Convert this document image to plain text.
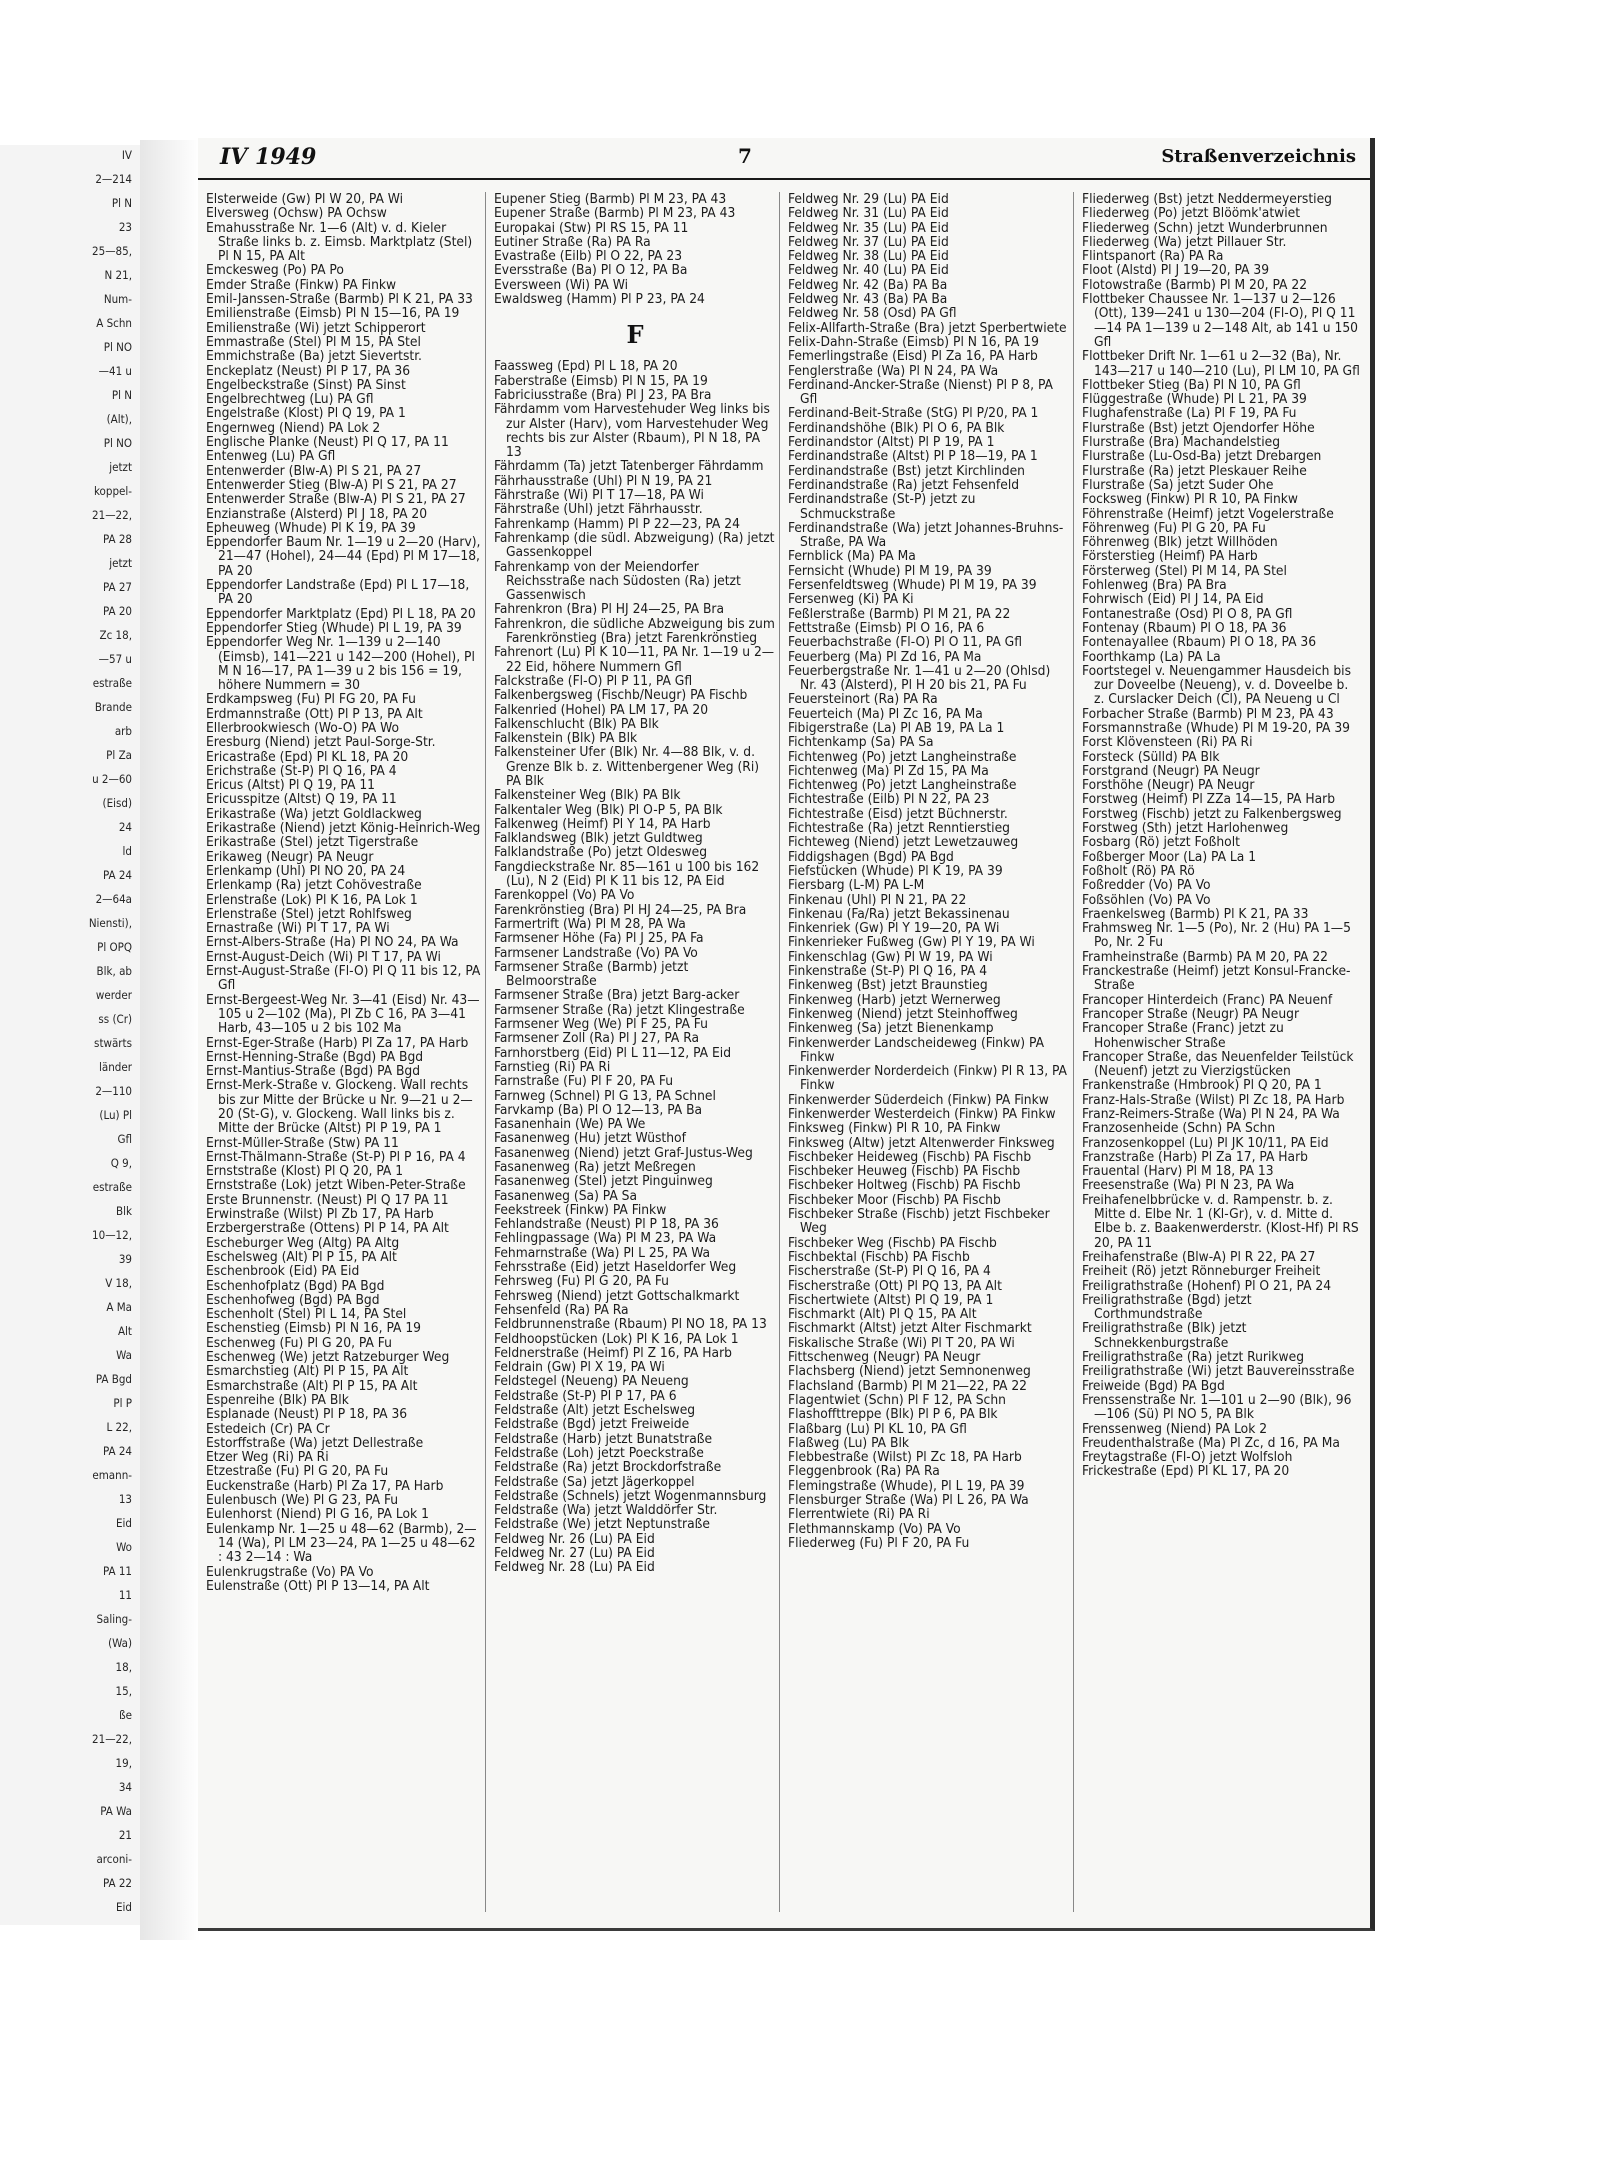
IV
2—214
Pl N
23
25—85,
N 21,
Num-
A Schn
Pl NO
—41 u
Pl N
(Alt),
Pl NO
jetzt
koppel-
21—22,
PA 28
jetzt
PA 27
PA 20
Zc 18,
—57 u
estraße
Brande
arb
Pl Za
u 2—60
(Eisd)
24
ld
PA 24
2—64a
Niensti),
Pl OPQ
Blk, ab
werder
ss (Cr)
stwärts
länder
2—110
(Lu) Pl
Gfl
Q 9,
estraße
Blk
10—12,
39
V 18,
A Ma
Alt
Wa
PA Bgd
Pl P
L 22,
PA 24
emann-
13
Eid
Wo
PA 11
11
Saling-
(Wa)
18,
15,
ße
21—22,
19,
34
PA Wa
21
arconi-
PA 22
Eid
IV 1949	7	Straßenverzeichnis

Elsterweide (Gw) Pl W 20, PA Wi

Elversweg (Ochsw) PA Ochsw

Emahusstraße Nr. 1—6 (Alt) v. d. Kieler Straße links b. z. Eimsb. Marktplatz (Stel) Pl N 15, PA Alt

Emckesweg (Po) PA Po

Emder Straße (Finkw) PA Finkw

Emil-Janssen-Straße (Barmb) Pl K 21, PA 33

Emilienstraße (Eimsb) Pl N 15—16, PA 19

Emilienstraße (Wi) jetzt Schipperort

Emmastraße (Stel) Pl M 15, PA Stel

Emmichstraße (Ba) jetzt Sievertstr.

Enckeplatz (Neust) Pl P 17, PA 36

Engelbeckstraße (Sinst) PA Sinst

Engelbrechtweg (Lu) PA Gfl

Engelstraße (Klost) Pl Q 19, PA 1

Engernweg (Niend) PA Lok 2

Englische Planke (Neust) Pl Q 17, PA 11

Entenweg (Lu) PA Gfl

Entenwerder (Blw-A) Pl S 21, PA 27

Entenwerder Stieg (Blw-A) Pl S 21, PA 27

Entenwerder Straße (Blw-A) Pl S 21, PA 27

Enzianstraße (Alsterd) Pl J 18, PA 20

Epheuweg (Whude) Pl K 19, PA 39

Eppendorfer Baum Nr. 1—19 u 2—20 (Harv), 21—47 (Hohel), 24—44 (Epd) Pl M 17—18, PA 20

Eppendorfer Landstraße (Epd) Pl L 17—18, PA 20

Eppendorfer Marktplatz (Epd) Pl L 18, PA 20

Eppendorfer Stieg (Whude) Pl L 19, PA 39

Eppendorfer Weg Nr. 1—139 u 2—140 (Eimsb), 141—221 u 142—200 (Hohel), Pl M N 16—17, PA 1—39 u 2 bis 156 = 19, höhere Nummern = 30

Erdkampsweg (Fu) Pl FG 20, PA Fu

Erdmannstraße (Ott) Pl P 13, PA Alt

Ellerbrookwiesch (Wo-O) PA Wo

Eresburg (Niend) jetzt Paul-Sorge-Str.

Ericastraße (Epd) Pl KL 18, PA 20

Erichstraße (St-P) Pl Q 16, PA 4

Ericus (Altst) Pl Q 19, PA 11

Ericusspitze (Altst) Q 19, PA 11

Erikastraße (Wa) jetzt Goldlackweg

Erikastraße (Niend) jetzt König-Heinrich-Weg

Erikastraße (Stel) jetzt Tigerstraße

Erikaweg (Neugr) PA Neugr

Erlenkamp (Uhl) Pl NO 20, PA 24

Erlenkamp (Ra) jetzt Cohövestraße

Erlenstraße (Lok) Pl K 16, PA Lok 1

Erlenstraße (Stel) jetzt Rohlfsweg

Ernastraße (Wi) Pl T 17, PA Wi

Ernst-Albers-Straße (Ha) Pl NO 24, PA Wa

Ernst-August-Deich (Wi) Pl T 17, PA Wi

Ernst-August-Straße (Fl-O) Pl Q 11 bis 12, PA Gfl

Ernst-Bergeest-Weg Nr. 3—41 (Eisd) Nr. 43—105 u 2—102 (Ma), Pl Zb C 16, PA 3—41 Harb, 43—105 u 2 bis 102 Ma

Ernst-Eger-Straße (Harb) Pl Za 17, PA Harb

Ernst-Henning-Straße (Bgd) PA Bgd

Ernst-Mantius-Straße (Bgd) PA Bgd

Ernst-Merk-Straße v. Glockeng. Wall rechts bis zur Mitte der Brücke u Nr. 9—21 u 2—20 (St-G), v. Glockeng. Wall links bis z. Mitte der Brücke (Altst) Pl P 19, PA 1

Ernst-Müller-Straße (Stw) PA 11

Ernst-Thälmann-Straße (St-P) Pl P 16, PA 4

Ernststraße (Klost) Pl Q 20, PA 1

Ernststraße (Lok) jetzt Wiben-Peter-Straße

Erste Brunnenstr. (Neust) Pl Q 17 PA 11

Erwinstraße (Wilst) Pl Zb 17, PA Harb

Erzbergerstraße (Ottens) Pl P 14, PA Alt

Escheburger Weg (Altg) PA Altg

Eschelsweg (Alt) Pl P 15, PA Alt

Eschenbrook (Eid) PA Eid

Eschenhofplatz (Bgd) PA Bgd

Eschenhofweg (Bgd) PA Bgd

Eschenholt (Stel) Pl L 14, PA Stel

Eschenstieg (Eimsb) Pl N 16, PA 19

Eschenweg (Fu) Pl G 20, PA Fu

Eschenweg (We) jetzt Ratzeburger Weg

Esmarchstieg (Alt) Pl P 15, PA Alt

Esmarchstraße (Alt) Pl P 15, PA Alt

Espenreihe (Blk) PA Blk

Esplanade (Neust) Pl P 18, PA 36

Estedeich (Cr) PA Cr

Estorffstraße (Wa) jetzt Dellestraße

Etzer Weg (Ri) PA Ri

Etzestraße (Fu) Pl G 20, PA Fu

Euckenstraße (Harb) Pl Za 17, PA Harb

Eulenbusch (We) Pl G 23, PA Fu

Eulenhorst (Niend) Pl G 16, PA Lok 1

Eulenkamp Nr. 1—25 u 48—62 (Barmb), 2—14 (Wa), Pl LM 23—24, PA 1—25 u 48—62 : 43 2—14 : Wa

Eulenkrugstraße (Vo) PA Vo

Eulenstraße (Ott) Pl P 13—14, PA Alt

Eupener Stieg (Barmb) Pl M 23, PA 43

Eupener Straße (Barmb) Pl M 23, PA 43

Europakai (Stw) Pl RS 15, PA 11

Eutiner Straße (Ra) PA Ra

Evastraße (Eilb) Pl O 22, PA 23

Eversstraße (Ba) Pl O 12, PA Ba

Eversween (Wi) PA Wi

Ewaldsweg (Hamm) Pl P 23, PA 24

F

Faassweg (Epd) Pl L 18, PA 20

Faberstraße (Eimsb) Pl N 15, PA 19

Fabriciusstraße (Bra) Pl J 23, PA Bra

Fährdamm vom Harvestehuder Weg links bis zur Alster (Harv), vom Harvestehuder Weg rechts bis zur Alster (Rbaum), Pl N 18, PA 13

Fährdamm (Ta) jetzt Tatenberger Fährdamm

Fährhausstraße (Uhl) Pl N 19, PA 21

Fährstraße (Wi) Pl T 17—18, PA Wi

Fährstraße (Uhl) jetzt Fährhausstr.

Fahrenkamp (Hamm) Pl P 22—23, PA 24

Fahrenkamp (die südl. Abzweigung) (Ra) jetzt Gassenkoppel

Fahrenkamp von der Meiendorfer Reichsstraße nach Südosten (Ra) jetzt Gassenwisch

Fahrenkron (Bra) Pl HJ 24—25, PA Bra

Fahrenkron, die südliche Abzweigung bis zum Farenkrönstieg (Bra) jetzt Farenkrönstieg

Fahrenort (Lu) Pl K 10—11, PA Nr. 1—19 u 2—22 Eid, höhere Nummern Gfl

Falckstraße (Fl-O) Pl P 11, PA Gfl

Falkenbergsweg (Fischb/Neugr) PA Fischb

Falkenried (Hohel) PA LM 17, PA 20

Falkenschlucht (Blk) PA Blk

Falkenstein (Blk) PA Blk

Falkensteiner Ufer (Blk) Nr. 4—88 Blk, v. d. Grenze Blk b. z. Wittenbergener Weg (Ri) PA Blk

Falkensteiner Weg (Blk) PA Blk

Falkentaler Weg (Blk) Pl O-P 5, PA Blk

Falkenweg (Heimf) Pl Y 14, PA Harb

Falklandsweg (Blk) jetzt Guldtweg

Falklandstraße (Po) jetzt Oldesweg

Fangdieckstraße Nr. 85—161 u 100 bis 162 (Lu), N 2 (Eid) Pl K 11 bis 12, PA Eid

Farenkoppel (Vo) PA Vo

Farenkrönstieg (Bra) Pl HJ 24—25, PA Bra

Farmertrift (Wa) Pl M 28, PA Wa

Farmsener Höhe (Fa) Pl J 25, PA Fa

Farmsener Landstraße (Vo) PA Vo

Farmsener Straße (Barmb) jetzt Belmoorstraße

Farmsener Straße (Bra) jetzt Barg-acker

Farmsener Straße (Ra) jetzt Klingestraße

Farmsener Weg (We) Pl F 25, PA Fu

Farmsener Zoll (Ra) Pl J 27, PA Ra

Farnhorstberg (Eid) Pl L 11—12, PA Eid

Farnstieg (Ri) PA Ri

Farnstraße (Fu) Pl F 20, PA Fu

Farnweg (Schnel) Pl G 13, PA Schnel

Farvkamp (Ba) Pl O 12—13, PA Ba

Fasanenhain (We) PA We

Fasanenweg (Hu) jetzt Wüsthof

Fasanenweg (Niend) jetzt Graf-Justus-Weg

Fasanenweg (Ra) jetzt Meßregen

Fasanenweg (Stel) jetzt Pinguinweg

Fasanenweg (Sa) PA Sa

Feekstreek (Finkw) PA Finkw

Fehlandstraße (Neust) Pl P 18, PA 36

Fehlingpassage (Wa) Pl M 23, PA Wa

Fehmarnstraße (Wa) Pl L 25, PA Wa

Fehrsstraße (Eid) jetzt Haseldorfer Weg

Fehrsweg (Fu) Pl G 20, PA Fu

Fehrsweg (Niend) jetzt Gottschalkmarkt

Fehsenfeld (Ra) PA Ra

Feldbrunnenstraße (Rbaum) Pl NO 18, PA 13

Feldhoopstücken (Lok) Pl K 16, PA Lok 1

Feldnerstraße (Heimf) Pl Z 16, PA Harb

Feldrain (Gw) Pl X 19, PA Wi

Feldstegel (Neueng) PA Neueng

Feldstraße (St-P) Pl P 17, PA 6

Feldstraße (Alt) jetzt Eschelsweg

Feldstraße (Bgd) jetzt Freiweide

Feldstraße (Harb) jetzt Bunatstraße

Feldstraße (Loh) jetzt Poeckstraße

Feldstraße (Ra) jetzt Brockdorfstraße

Feldstraße (Sa) jetzt Jägerkoppel

Feldstraße (Schnels) jetzt Wogenmannsburg

Feldstraße (Wa) jetzt Walddörfer Str.

Feldstraße (We) jetzt Neptunstraße

Feldweg Nr. 26 (Lu) PA Eid

Feldweg Nr. 27 (Lu) PA Eid

Feldweg Nr. 28 (Lu) PA Eid

Feldweg Nr. 29 (Lu) PA Eid

Feldweg Nr. 31 (Lu) PA Eid

Feldweg Nr. 35 (Lu) PA Eid

Feldweg Nr. 37 (Lu) PA Eid

Feldweg Nr. 38 (Lu) PA Eid

Feldweg Nr. 40 (Lu) PA Eid

Feldweg Nr. 42 (Ba) PA Ba

Feldweg Nr. 43 (Ba) PA Ba

Feldweg Nr. 58 (Osd) PA Gfl

Felix-Allfarth-Straße (Bra) jetzt Sperbertwiete

Felix-Dahn-Straße (Eimsb) Pl N 16, PA 19

Femerlingstraße (Eisd) Pl Za 16, PA Harb

Fenglerstraße (Wa) Pl N 24, PA Wa

Ferdinand-Ancker-Straße (Nienst) Pl P 8, PA Gfl

Ferdinand-Beit-Straße (StG) Pl P/20, PA 1

Ferdinandshöhe (Blk) Pl O 6, PA Blk

Ferdinandstor (Altst) Pl P 19, PA 1

Ferdinandstraße (Altst) Pl P 18—19, PA 1

Ferdinandstraße (Bst) jetzt Kirchlinden

Ferdinandstraße (Ra) jetzt Fehsenfeld

Ferdinandstraße (St-P) jetzt zu Schmuckstraße

Ferdinandstraße (Wa) jetzt Johannes-Bruhns-Straße, PA Wa

Fernblick (Ma) PA Ma

Fernsicht (Whude) Pl M 19, PA 39

Fersenfeldtsweg (Whude) Pl M 19, PA 39

Fersenweg (Ki) PA Ki

Feßlerstraße (Barmb) Pl M 21, PA 22

Fettstraße (Eimsb) Pl O 16, PA 6

Feuerbachstraße (Fl-O) Pl O 11, PA Gfl

Feuerberg (Ma) Pl Zd 16, PA Ma

Feuerbergstraße Nr. 1—41 u 2—20 (Ohlsd) Nr. 43 (Alsterd), Pl H 20 bis 21, PA Fu

Feuersteinort (Ra) PA Ra

Feuerteich (Ma) Pl Zc 16, PA Ma

Fibigerstraße (La) Pl AB 19, PA La 1

Fichtenkamp (Sa) PA Sa

Fichtenweg (Po) jetzt Langheinstraße

Fichtenweg (Ma) Pl Zd 15, PA Ma

Fichtenweg (Po) jetzt Langheinstraße

Fichtestraße (Eilb) Pl N 22, PA 23

Fichtestraße (Eisd) jetzt Büchnerstr.

Fichtestraße (Ra) jetzt Renntierstieg

Fichteweg (Niend) jetzt Lewetzauweg

Fiddigshagen (Bgd) PA Bgd

Fiefstücken (Whude) Pl K 19, PA 39

Fiersbarg (L-M) PA L-M

Finkenau (Uhl) Pl N 21, PA 22

Finkenau (Fa/Ra) jetzt Bekassinenau

Finkenriek (Gw) Pl Y 19—20, PA Wi

Finkenrieker Fußweg (Gw) Pl Y 19, PA Wi

Finkenschlag (Gw) Pl W 19, PA Wi

Finkenstraße (St-P) Pl Q 16, PA 4

Finkenweg (Bst) jetzt Braunstieg

Finkenweg (Harb) jetzt Wernerweg

Finkenweg (Niend) jetzt Steinhoffweg

Finkenweg (Sa) jetzt Bienenkamp

Finkenwerder Landscheideweg (Finkw) PA Finkw

Finkenwerder Norderdeich (Finkw) Pl R 13, PA Finkw

Finkenwerder Süderdeich (Finkw) PA Finkw

Finkenwerder Westerdeich (Finkw) PA Finkw

Finksweg (Finkw) Pl R 10, PA Finkw

Finksweg (Altw) jetzt Altenwerder Finksweg

Fischbeker Heideweg (Fischb) PA Fischb

Fischbeker Heuweg (Fischb) PA Fischb

Fischbeker Holtweg (Fischb) PA Fischb

Fischbeker Moor (Fischb) PA Fischb

Fischbeker Straße (Fischb) jetzt Fischbeker Weg

Fischbeker Weg (Fischb) PA Fischb

Fischbektal (Fischb) PA Fischb

Fischerstraße (St-P) Pl Q 16, PA 4

Fischerstraße (Ott) Pl PQ 13, PA Alt

Fischertwiete (Altst) Pl Q 19, PA 1

Fischmarkt (Alt) Pl Q 15, PA Alt

Fischmarkt (Altst) jetzt Alter Fischmarkt

Fiskalische Straße (Wi) Pl T 20, PA Wi

Fittschenweg (Neugr) PA Neugr

Flachsberg (Niend) jetzt Semnonenweg

Flachsland (Barmb) Pl M 21—22, PA 22

Flagentwiet (Schn) Pl F 12, PA Schn

Flashoffttreppe (Blk) Pl P 6, PA Blk

Flaßbarg (Lu) Pl KL 10, PA Gfl

Flaßweg (Lu) PA Blk

Flebbestraße (Wilst) Pl Zc 18, PA Harb

Fleggenbrook (Ra) PA Ra

Flemingstraße (Whude), Pl L 19, PA 39

Flensburger Straße (Wa) Pl L 26, PA Wa

Flerrentwiete (Ri) PA Ri

Flethmannskamp (Vo) PA Vo

Fliederweg (Fu) Pl F 20, PA Fu

Fliederweg (Bst) jetzt Neddermeyerstieg

Fliederweg (Po) jetzt Blöömk'atwiet

Fliederweg (Schn) jetzt Wunderbrunnen

Fliederweg (Wa) jetzt Pillauer Str.

Flintspanort (Ra) PA Ra

Floot (Alstd) Pl J 19—20, PA 39

Flotowstraße (Barmb) Pl M 20, PA 22

Flottbeker Chaussee Nr. 1—137 u 2—126 (Ott), 139—241 u 130—204 (Fl-O), Pl Q 11—14 PA 1—139 u 2—148 Alt, ab 141 u 150 Gfl

Flottbeker Drift Nr. 1—61 u 2—32 (Ba), Nr. 143—217 u 140—210 (Lu), Pl LM 10, PA Gfl

Flottbeker Stieg (Ba) Pl N 10, PA Gfl

Flüggestraße (Whude) Pl L 21, PA 39

Flughafenstraße (La) Pl F 19, PA Fu

Flurstraße (Bst) jetzt Ojendorfer Höhe

Flurstraße (Bra) Machandelstieg

Flurstraße (Lu-Osd-Ba) jetzt Drebargen

Flurstraße (Ra) jetzt Pleskauer Reihe

Flurstraße (Sa) jetzt Suder Ohe

Focksweg (Finkw) Pl R 10, PA Finkw

Föhrenstraße (Heimf) jetzt Vogelerstraße

Föhrenweg (Fu) Pl G 20, PA Fu

Föhrenweg (Blk) jetzt Willhöden

Försterstieg (Heimf) PA Harb

Försterweg (Stel) Pl M 14, PA Stel

Fohlenweg (Bra) PA Bra

Fohrwisch (Eid) Pl J 14, PA Eid

Fontanestraße (Osd) Pl O 8, PA Gfl

Fontenay (Rbaum) Pl O 18, PA 36

Fontenayallee (Rbaum) Pl O 18, PA 36

Foorthkamp (La) PA La

Foortstegel v. Neuengammer Hausdeich bis zur Doveelbe (Neueng), v. d. Doveelbe b. z. Curslacker Deich (Cl), PA Neueng u Cl

Forbacher Straße (Barmb) Pl M 23, PA 43

Forsmannstraße (Whude) Pl M 19-20, PA 39

Forst Klövensteen (Ri) PA Ri

Forsteck (Sülld) PA Blk

Forstgrand (Neugr) PA Neugr

Forsthöhe (Neugr) PA Neugr

Forstweg (Heimf) Pl ZZa 14—15, PA Harb

Forstweg (Fischb) jetzt zu Falkenbergsweg

Forstweg (Sth) jetzt Harlohenweg

Fosbarg (Rö) jetzt Foßholt

Foßberger Moor (La) PA La 1

Foßholt (Rö) PA Rö

Foßredder (Vo) PA Vo

Foßsöhlen (Vo) PA Vo

Fraenkelsweg (Barmb) Pl K 21, PA 33

Frahmsweg Nr. 1—5 (Po), Nr. 2 (Hu) PA 1—5 Po, Nr. 2 Fu

Framheinstraße (Barmb) PA M 20, PA 22

Franckestraße (Heimf) jetzt Konsul-Francke-Straße

Francoper Hinterdeich (Franc) PA Neuenf

Francoper Straße (Neugr) PA Neugr

Francoper Straße (Franc) jetzt zu Hohenwischer Straße

Francoper Straße, das Neuenfelder Teilstück (Neuenf) jetzt zu Vierzigstücken

Frankenstraße (Hmbrook) Pl Q 20, PA 1

Franz-Hals-Straße (Wilst) Pl Zc 18, PA Harb

Franz-Reimers-Straße (Wa) Pl N 24, PA Wa

Franzosenheide (Schn) PA Schn

Franzosenkoppel (Lu) Pl JK 10/11, PA Eid

Franzstraße (Harb) Pl Za 17, PA Harb

Frauental (Harv) Pl M 18, PA 13

Freesenstraße (Wa) Pl N 23, PA Wa

Freihafenelbbrücke v. d. Rampenstr. b. z. Mitte d. Elbe Nr. 1 (Kl-Gr), v. d. Mitte d. Elbe b. z. Baakenwerderstr. (Klost-Hf) Pl RS 20, PA 11

Freihafenstraße (Blw-A) Pl R 22, PA 27

Freiheit (Rö) jetzt Rönneburger Freiheit

Freiligrathstraße (Hohenf) Pl O 21, PA 24

Freiligrathstraße (Bgd) jetzt Corthmundstraße

Freiligrathstraße (Blk) jetzt Schnekkenburgstraße

Freiligrathstraße (Ra) jetzt Rurikweg

Freiligrathstraße (Wi) jetzt Bauvereinsstraße

Freiweide (Bgd) PA Bgd

Frenssenstraße Nr. 1—101 u 2—90 (Blk), 96—106 (Sü) Pl NO 5, PA Blk

Frenssenweg (Niend) PA Lok 2

Freudenthalstraße (Ma) Pl Zc, d 16, PA Ma

Freytagstraße (Fl-O) jetzt Wolfsloh

Frickestraße (Epd) Pl KL 17, PA 20
